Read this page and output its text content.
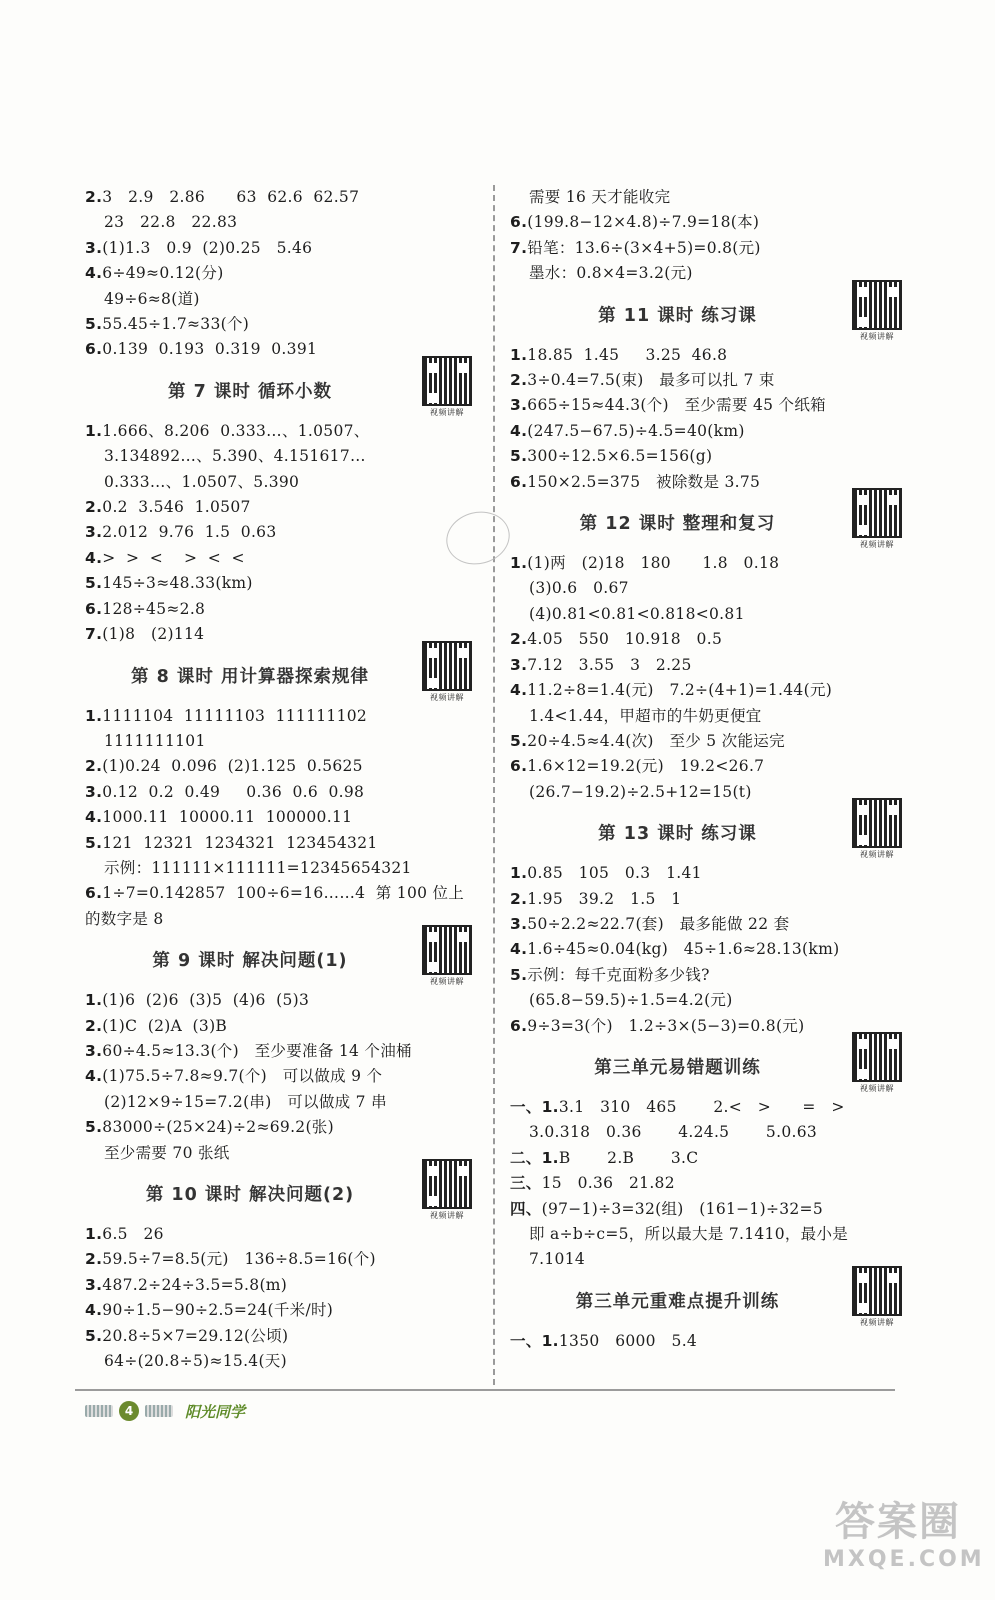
2.3   2.9   2.86      63  62.6  62.57
23   22.8   22.83
3.(1)1.3   0.9  (2)0.25   5.46
4.6÷49≈0.12(分)
49÷6≈8(道)
5.55.45÷1.7≈33(个)
6.0.139  0.193  0.319  0.391
第 7 课时 循环小数
视频讲解
1.1.666、8.206  0.333…、1.0507、
3.134892…、5.390、4.151617…
0.333…、1.0507、5.390
2.0.2  3.546  1.0507
3.2.012  9.76  1.5  0.63
4.>  >  <    >  <  <
5.145÷3≈48.33(km)
6.128÷45≈2.8
7.(1)8   (2)114
第 8 课时 用计算器探索规律
视频讲解
1.1111104  11111103  111111102
1111111101
2.(1)0.24  0.096  (2)1.125  0.5625
3.0.12  0.2  0.49     0.36  0.6  0.98
4.1000.11  10000.11  100000.11
5.121  12321  1234321  123454321
示例：111111×111111=12345654321
6.1÷7=0.142857  100÷6=16……4  第 100 位上
的数字是 8
第 9 课时 解决问题(1)
视频讲解
1.(1)6  (2)6  (3)5  (4)6  (5)3
2.(1)C  (2)A  (3)B
3.60÷4.5≈13.3(个)   至少要准备 14 个油桶
4.(1)75.5÷7.8≈9.7(个)   可以做成 9 个
(2)12×9÷15=7.2(串)   可以做成 7 串
5.83000÷(25×24)÷2≈69.2(张)
至少需要 70 张纸
第 10 课时 解决问题(2)
视频讲解
1.6.5   26
2.59.5÷7=8.5(元)   136÷8.5=16(个)
3.487.2÷24÷3.5=5.8(m)
4.90÷1.5−90÷2.5=24(千米/时)
5.20.8÷5×7=29.12(公顷)
64÷(20.8÷5)≈15.4(天)
需要 16 天才能收完
6.(199.8−12×4.8)÷7.9=18(本)
7.铅笔：13.6÷(3×4+5)=0.8(元)
墨水：0.8×4=3.2(元)
第 11 课时 练习课
视频讲解
1.18.85  1.45     3.25  46.8
2.3÷0.4=7.5(束)   最多可以扎 7 束
3.665÷15≈44.3(个)   至少需要 45 个纸箱
4.(247.5−67.5)÷4.5=40(km)
5.300÷12.5×6.5=156(g)
6.150×2.5=375   被除数是 3.75
第 12 课时 整理和复习
视频讲解
1.(1)两   (2)18   180      1.8   0.18
(3)0.6   0.67
(4)0.81<0.81<0.818<0.81
2.4.05   550   10.918   0.5
3.7.12   3.55   3   2.25
4.11.2÷8=1.4(元)   7.2÷(4+1)=1.44(元)
1.4<1.44，甲超市的牛奶更便宜
5.20÷4.5≈4.4(次)   至少 5 次能运完
6.1.6×12=19.2(元)   19.2<26.7
(26.7−19.2)÷2.5+12=15(t)
第 13 课时 练习课
视频讲解
1.0.85   105   0.3   1.41
2.1.95   39.2   1.5   1
3.50÷2.2≈22.7(套)   最多能做 22 套
4.1.6÷45≈0.04(kg)   45÷1.6≈28.13(km)
5.示例：每千克面粉多少钱?
(65.8−59.5)÷1.5=4.2(元)
6.9÷3=3(个)   1.2÷3×(5−3)=0.8(元)
第三单元易错题训练
视频讲解
一、1.3.1   310   465       2.<   >      =   >
3.0.318   0.36       4.24.5       5.0.63
二、1.B       2.B       3.C
三、15   0.36   21.82
四、(97−1)÷3=32(组)   (161−1)÷32=5
即 a÷b÷c=5，所以最大是 7.1410，最小是
7.1014
第三单元重难点提升训练
视频讲解
一、1.1350   6000   5.4
4	阳光同学
答案圈
MXQE.COM
